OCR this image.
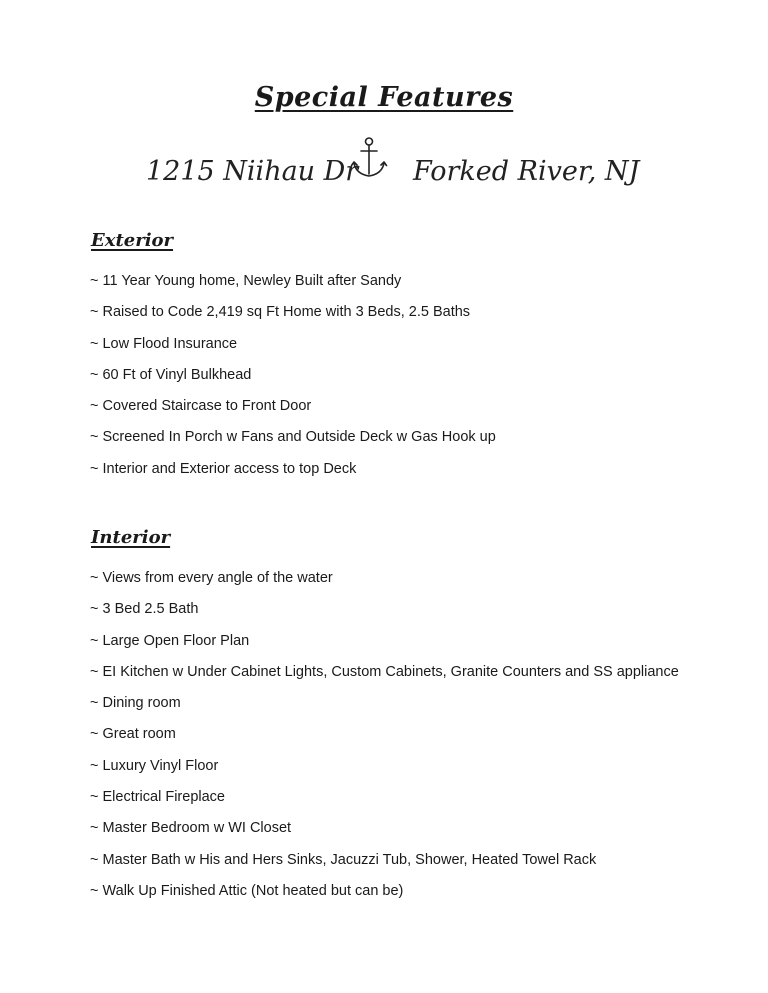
Special Features
1215 Niihau Dr Forked River, NJ
Exterior
~ 11 Year Young home, Newley Built after Sandy
~ Raised to Code 2,419 sq Ft Home with 3 Beds, 2.5 Baths
~ Low Flood Insurance
~ 60 Ft of Vinyl Bulkhead
~ Covered Staircase to Front Door
~ Screened In Porch w Fans and Outside Deck w Gas Hook up
~ Interior and Exterior access to top Deck
Interior
~ Views from every angle of the water
~ 3 Bed 2.5 Bath
~ Large Open Floor Plan
~ EI Kitchen w Under Cabinet Lights, Custom Cabinets, Granite Counters and SS appliance
~ Dining room
~ Great room
~ Luxury Vinyl Floor
~ Electrical Fireplace
~ Master Bedroom w WI Closet
~ Master Bath w His and Hers Sinks, Jacuzzi Tub, Shower, Heated Towel Rack
~ Walk Up Finished Attic (Not heated but can be)
